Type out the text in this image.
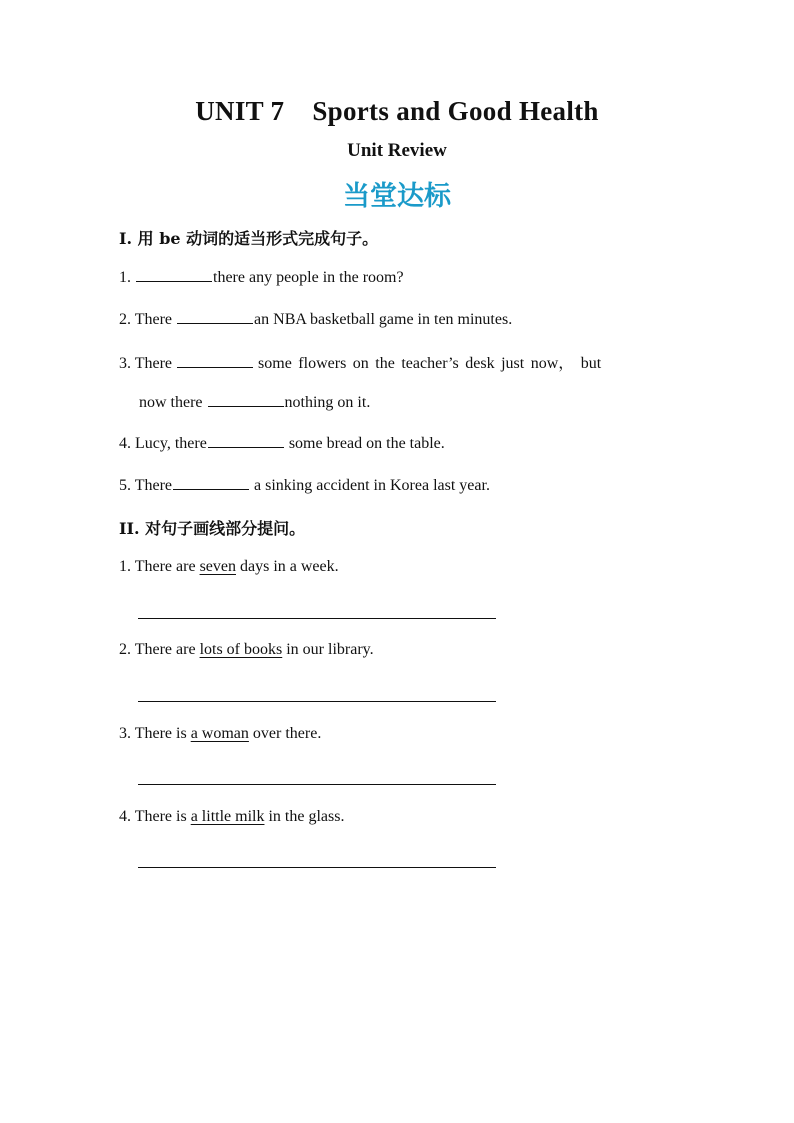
UNIT 7 Sports and Good Health
Unit Review
当堂达标
I. 用 be 动词的适当形式完成句子。
1.	there any people in the room?
2. There	an NBA basketball game in ten minutes.
3. There	some flowers on the teacher’s desk just now， but
now there	nothing on it.
4. Lucy, there	some bread on the table.
5. There	a sinking accident in Korea last year.
II. 对句子画线部分提问。
1. There are seven days in a week.
2. There are lots of books in our library.
3. There is a woman over there.
4. There is a little milk in the glass.
